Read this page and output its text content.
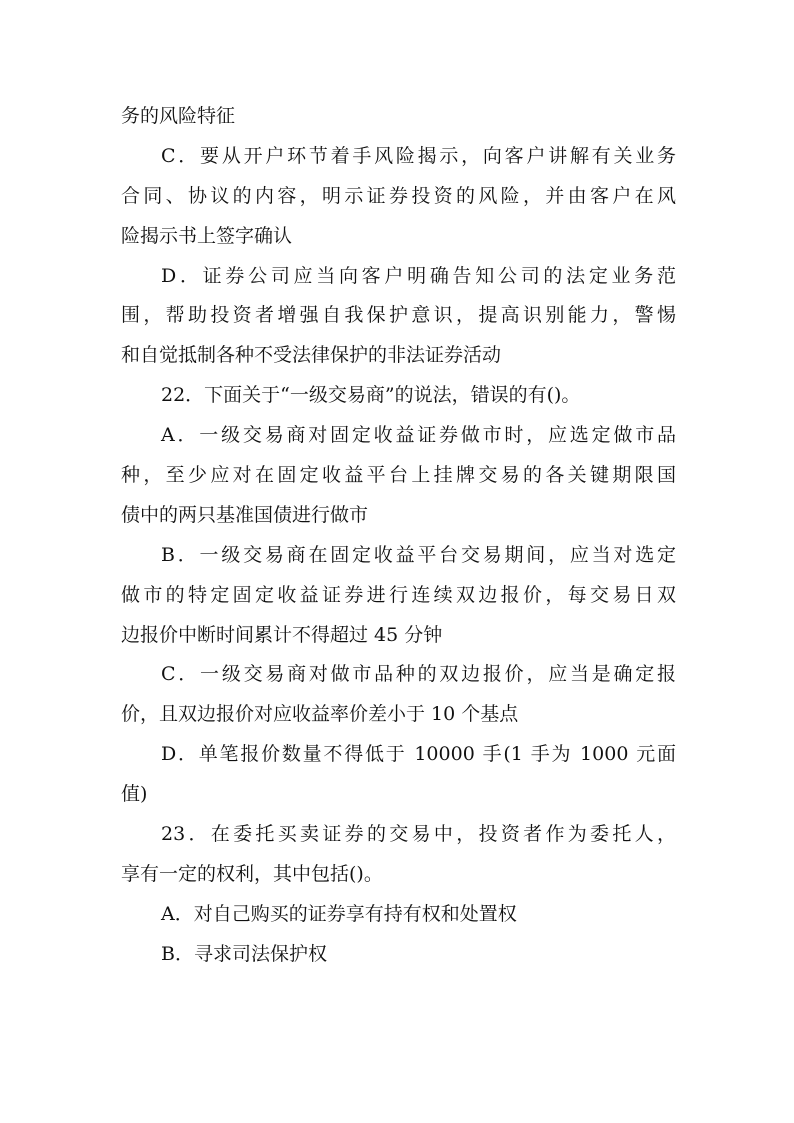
务的风险特征
C．要从开户环节着手风险揭示，向客户讲解有关业务
合同、协议的内容，明示证券投资的风险，并由客户在风
险揭示书上签字确认
D．证券公司应当向客户明确告知公司的法定业务范
围，帮助投资者增强自我保护意识，提高识别能力，警惕
和自觉抵制各种不受法律保护的非法证券活动
22．下面关于“一级交易商”的说法，错误的有()。
A．一级交易商对固定收益证券做市时，应选定做市品
种，至少应对在固定收益平台上挂牌交易的各关键期限国
债中的两只基准国债进行做市
B．一级交易商在固定收益平台交易期间，应当对选定
做市的特定固定收益证券进行连续双边报价，每交易日双
边报价中断时间累计不得超过 45 分钟
C．一级交易商对做市品种的双边报价，应当是确定报
价，且双边报价对应收益率价差小于 10 个基点
D．单笔报价数量不得低于 10000 手(1 手为 1000 元面
值)
23．在委托买卖证券的交易中，投资者作为委托人，
享有一定的权利，其中包括()。
A．对自己购买的证券享有持有权和处置权
B．寻求司法保护权
